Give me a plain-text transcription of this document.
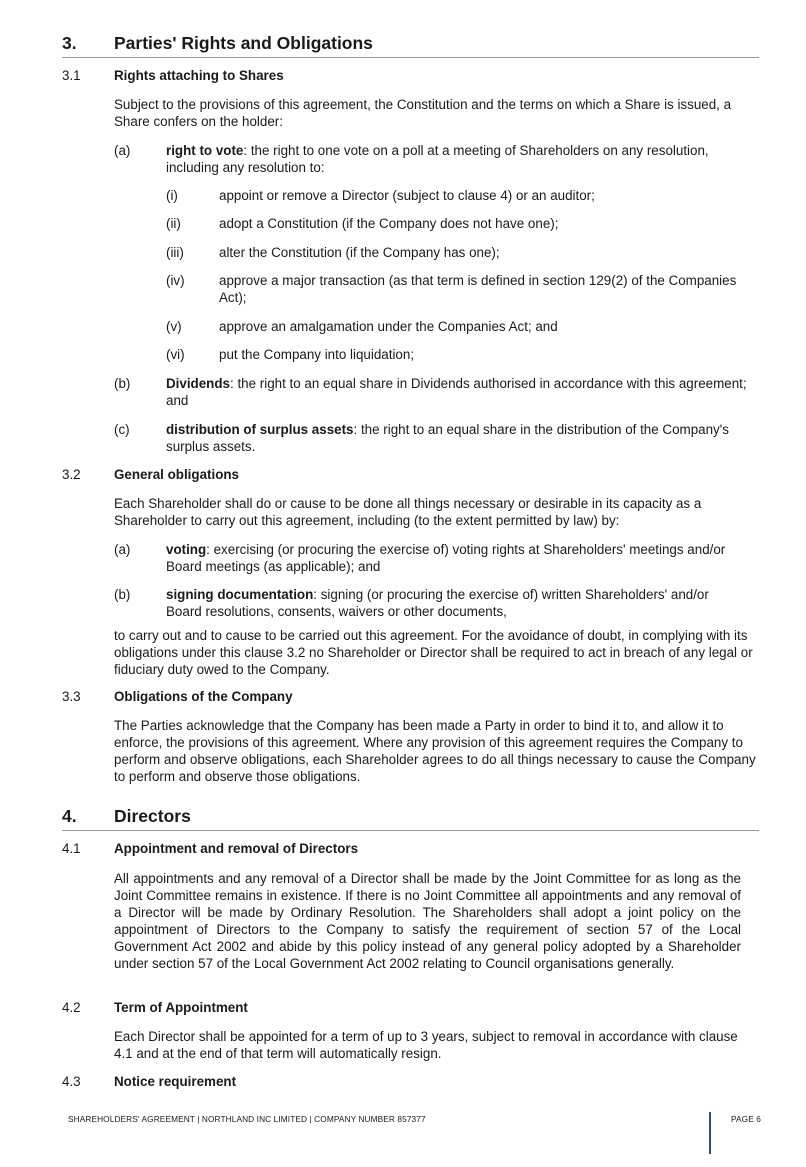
3. Parties' Rights and Obligations
3.1 Rights attaching to Shares
Subject to the provisions of this agreement, the Constitution and the terms on which a Share is issued, a Share confers on the holder:
(a)	right to vote: the right to one vote on a poll at a meeting of Shareholders on any resolution, including any resolution to:
(i)	appoint or remove a Director (subject to clause 4) or an auditor;
(ii)	adopt a Constitution (if the Company does not have one);
(iii)	alter the Constitution (if the Company has one);
(iv)	approve a major transaction (as that term is defined in section 129(2) of the Companies Act);
(v)	approve an amalgamation under the Companies Act; and
(vi)	put the Company into liquidation;
(b)	Dividends: the right to an equal share in Dividends authorised in accordance with this agreement; and
(c)	distribution of surplus assets: the right to an equal share in the distribution of the Company's surplus assets.
3.2 General obligations
Each Shareholder shall do or cause to be done all things necessary or desirable in its capacity as a Shareholder to carry out this agreement, including (to the extent permitted by law) by:
(a)	voting: exercising (or procuring the exercise of) voting rights at Shareholders' meetings and/or Board meetings (as applicable); and
(b)	signing documentation: signing (or procuring the exercise of) written Shareholders' and/or Board resolutions, consents, waivers or other documents,
to carry out and to cause to be carried out this agreement. For the avoidance of doubt, in complying with its obligations under this clause 3.2 no Shareholder or Director shall be required to act in breach of any legal or fiduciary duty owed to the Company.
3.3 Obligations of the Company
The Parties acknowledge that the Company has been made a Party in order to bind it to, and allow it to enforce, the provisions of this agreement. Where any provision of this agreement requires the Company to perform and observe obligations, each Shareholder agrees to do all things necessary to cause the Company to perform and observe those obligations.
4. Directors
4.1 Appointment and removal of Directors
All appointments and any removal of a Director shall be made by the Joint Committee for as long as the Joint Committee remains in existence. If there is no Joint Committee all appointments and any removal of a Director will be made by Ordinary Resolution. The Shareholders shall adopt a joint policy on the appointment of Directors to the Company to satisfy the requirement of section 57 of the Local Government Act 2002 and abide by this policy instead of any general policy adopted by a Shareholder under section 57 of the Local Government Act 2002 relating to Council organisations generally.
4.2 Term of Appointment
Each Director shall be appointed for a term of up to 3 years, subject to removal in accordance with clause 4.1 and at the end of that term will automatically resign.
4.3 Notice requirement
SHAREHOLDERS' AGREEMENT | NORTHLAND INC LIMITED | COMPANY NUMBER 857377	PAGE 6
